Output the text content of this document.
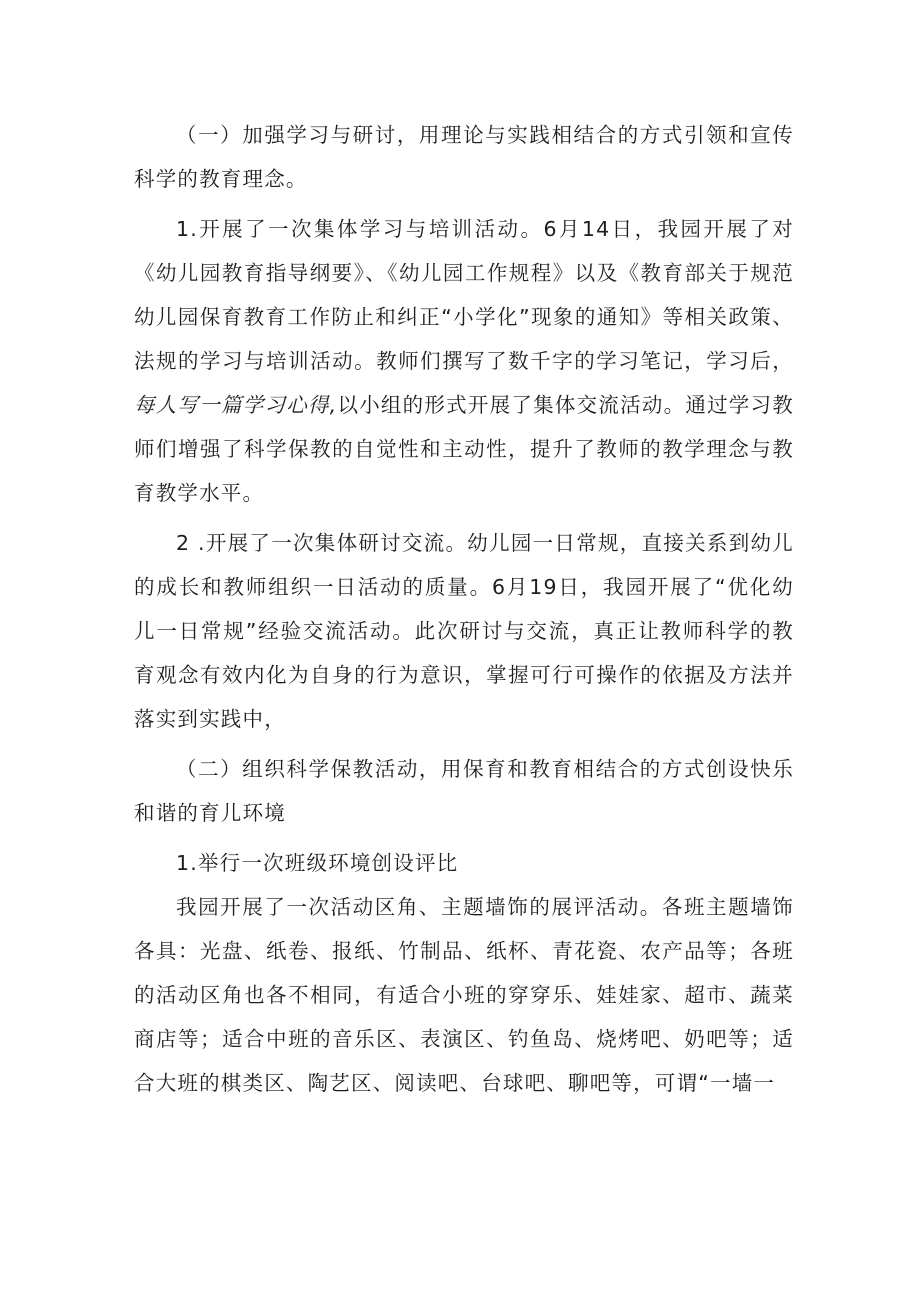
（一）加强学习与研讨，用理论与实践相结合的方式引领和宣传科学的教育理念。

1.开展了一次集体学习与培训活动。6月14日，我园开展了对《幼儿园教育指导纲要》、《幼儿园工作规程》以及《教育部关于规范幼儿园保育教育工作防止和纠正“小学化”现象的通知》等相关政策、法规的学习与培训活动。教师们撰写了数千字的学习笔记，学习后，每人写一篇学习心得,以小组的形式开展了集体交流活动。通过学习教师们增强了科学保教的自觉性和主动性，提升了教师的教学理念与教育教学水平。

2 .开展了一次集体研讨交流。幼儿园一日常规，直接关系到幼儿的成长和教师组织一日活动的质量。6月19日，我园开展了“优化幼儿一日常规”经验交流活动。此次研讨与交流，真正让教师科学的教育观念有效内化为自身的行为意识，掌握可行可操作的依据及方法并落实到实践中，

（二）组织科学保教活动，用保育和教育相结合的方式创设快乐和谐的育儿环境

1.举行一次班级环境创设评比

我园开展了一次活动区角、主题墙饰的展评活动。各班主题墙饰各具：光盘、纸卷、报纸、竹制品、纸杯、青花瓷、农产品等；各班的活动区角也各不相同，有适合小班的穿穿乐、娃娃家、超市、蔬菜商店等；适合中班的音乐区、表演区、钓鱼岛、烧烤吧、奶吧等；适合大班的棋类区、陶艺区、阅读吧、台球吧、聊吧等，可谓“一墙一
